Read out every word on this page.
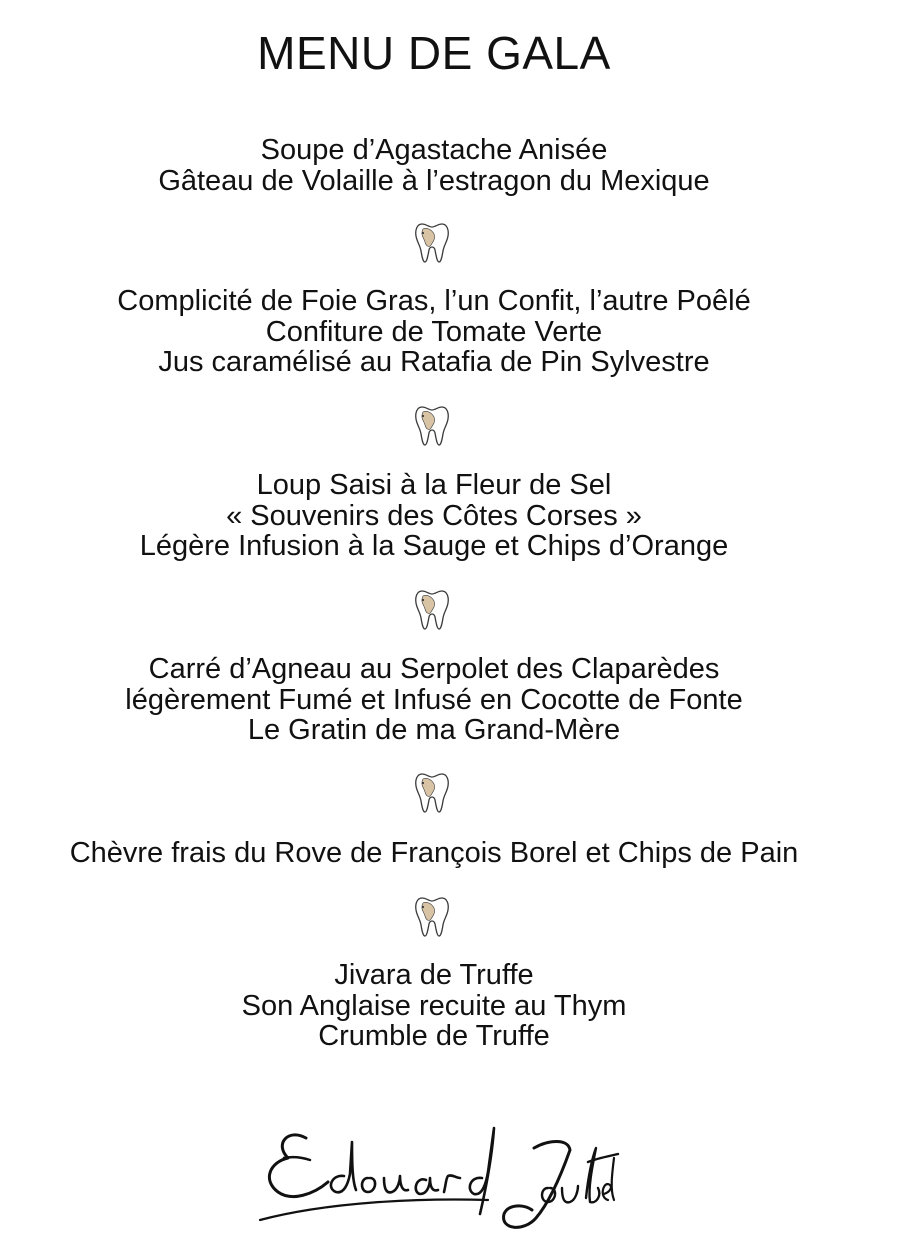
MENU DE GALA
Soupe d’Agastache Anisée
Gâteau de Volaille à l’estragon du Mexique
Complicité de Foie Gras, l’un Confit, l’autre Poêlé
Confiture de Tomate Verte
Jus caramélisé au Ratafia de Pin Sylvestre
Loup Saisi à la Fleur de Sel
« Souvenirs des Côtes Corses »
Légère Infusion à la Sauge et Chips d’Orange
Carré d’Agneau au Serpolet des Claparèdes
légèrement Fumé et Infusé en Cocotte de Fonte
Le Gratin de ma Grand-Mère
Chèvre frais du Rove de François Borel et Chips de Pain
Jivara de Truffe
Son Anglaise recuite au Thym
Crumble de Truffe
